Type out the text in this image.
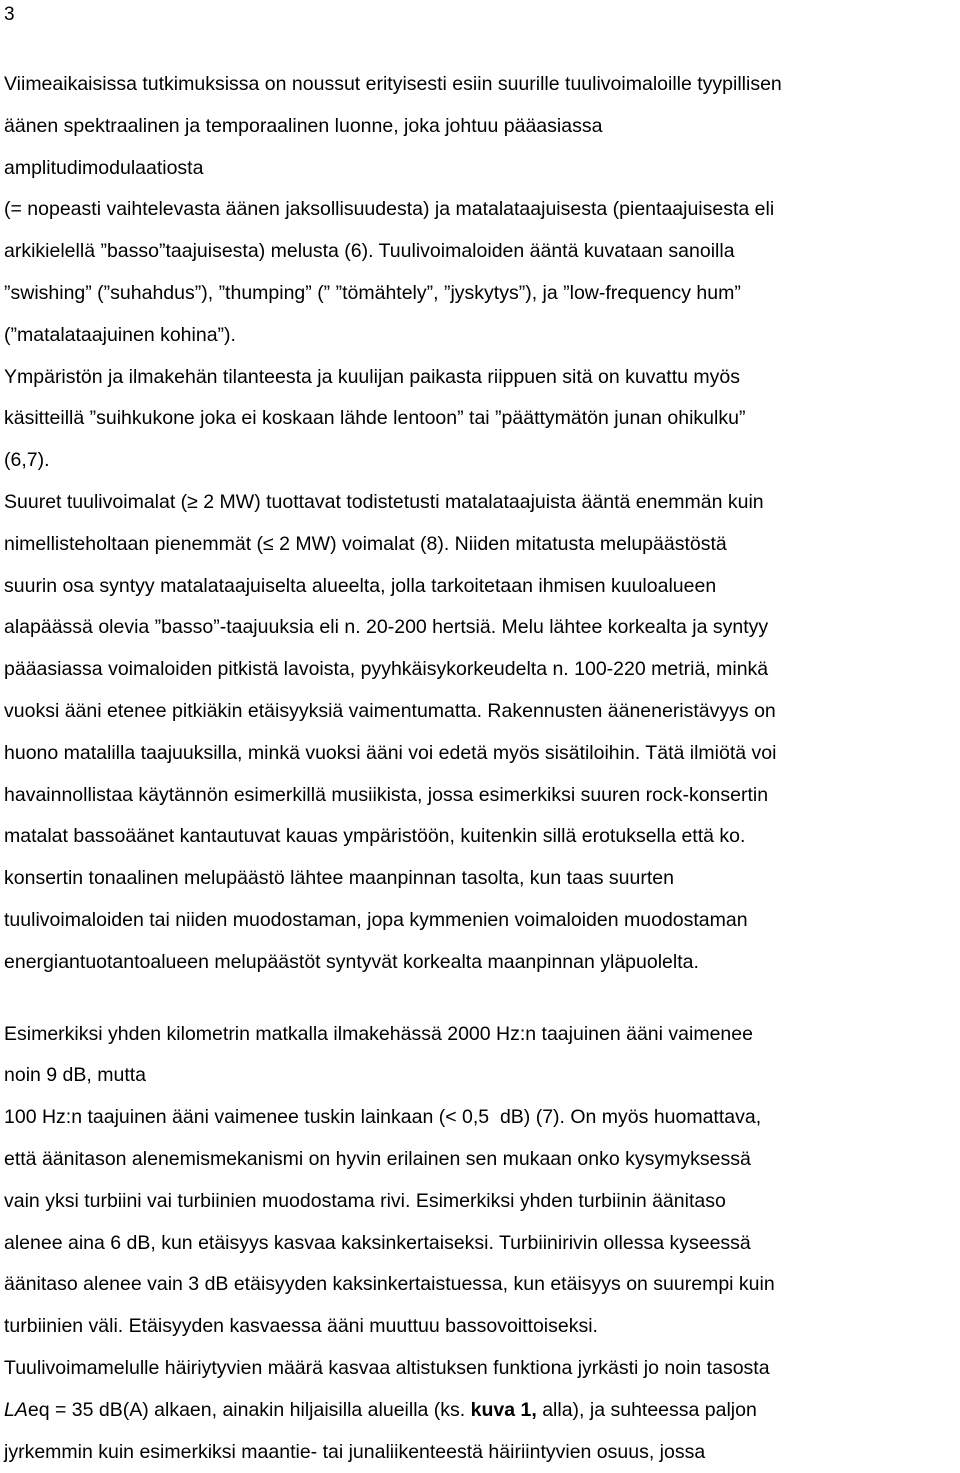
3
Viimeaikaisissa tutkimuksissa on noussut erityisesti esiin suurille tuulivoimaloille tyypillisen
äänen spektraalinen ja temporaalinen luonne, joka johtuu pääasiassa
amplitudimodulaatiosta
(= nopeasti vaihtelevasta äänen jaksollisuudesta) ja matalataajuisesta (pientaajuisesta eli
arkikielellä ”basso”taajuisesta) melusta (6). Tuulivoimaloiden ääntä kuvataan sanoilla
”swishing” (”suhahdus”), ”thumping” (” ”tömähtely”, ”jyskytys”), ja ”low-frequency hum”
(”matalataajuinen kohina”).
Ympäristön ja ilmakehän tilanteesta ja kuulijan paikasta riippuen sitä on kuvattu myös
käsitteillä ”suihkukone joka ei koskaan lähde lentoon” tai ”päättymätön junan ohikulku”
(6,7).
Suuret tuulivoimalat (≥ 2 MW) tuottavat todistetusti matalataajuista ääntä enemmän kuin
nimellisteholtaan pienemmät (≤ 2 MW) voimalat (8). Niiden mitatusta melupäästöstä
suurin osa syntyy matalataajuiselta alueelta, jolla tarkoitetaan ihmisen kuuloalueen
alapäässä olevia ”basso”-taajuuksia eli n. 20-200 hertsiä. Melu lähtee korkealta ja syntyy
pääasiassa voimaloiden pitkistä lavoista, pyyhkäisykorkeudelta n. 100-220 metriä, minkä
vuoksi ääni etenee pitkiäkin etäisyyksiä vaimentumatta. Rakennusten ääneneristävyys on
huono matalilla taajuuksilla, minkä vuoksi ääni voi edetä myös sisätiloihin. Tätä ilmiötä voi
havainnollistaa käytännön esimerkillä musiikista, jossa esimerkiksi suuren rock-konsertin
matalat bassoäänet kantautuvat kauas ympäristöön, kuitenkin sillä erotuksella että ko.
konsertin tonaalinen melupäästö lähtee maanpinnan tasolta, kun taas suurten
tuulivoimaloiden tai niiden muodostaman, jopa kymmenien voimaloiden muodostaman
energiantuotantoalueen melupäästöt syntyvät korkealta maanpinnan yläpuolelta.
Esimerkiksi yhden kilometrin matkalla ilmakehässä 2000 Hz:n taajuinen ääni vaimenee
noin 9 dB, mutta
100 Hz:n taajuinen ääni vaimenee tuskin lainkaan (< 0,5  dB) (7). On myös huomattava,
että äänitason alenemismekanismi on hyvin erilainen sen mukaan onko kysymyksessä
vain yksi turbiini vai turbiinien muodostama rivi. Esimerkiksi yhden turbiinin äänitaso
alenee aina 6 dB, kun etäisyys kasvaa kaksinkertaiseksi. Turbiinirivin ollessa kyseessä
äänitaso alenee vain 3 dB etäisyyden kaksinkertaistuessa, kun etäisyys on suurempi kuin
turbiinien väli. Etäisyyden kasvaessa ääni muuttuu bassovoittoiseksi.
Tuulivoimamelulle häiriytyvien määrä kasvaa altistuksen funktiona jyrkästi jo noin tasosta
LAeq = 35 dB(A) alkaen, ainakin hiljaisilla alueilla (ks. kuva 1, alla), ja suhteessa paljon
jyrkemmin kuin esimerkiksi maantie- tai junaliikenteestä häiriintyvien osuus, jossa
